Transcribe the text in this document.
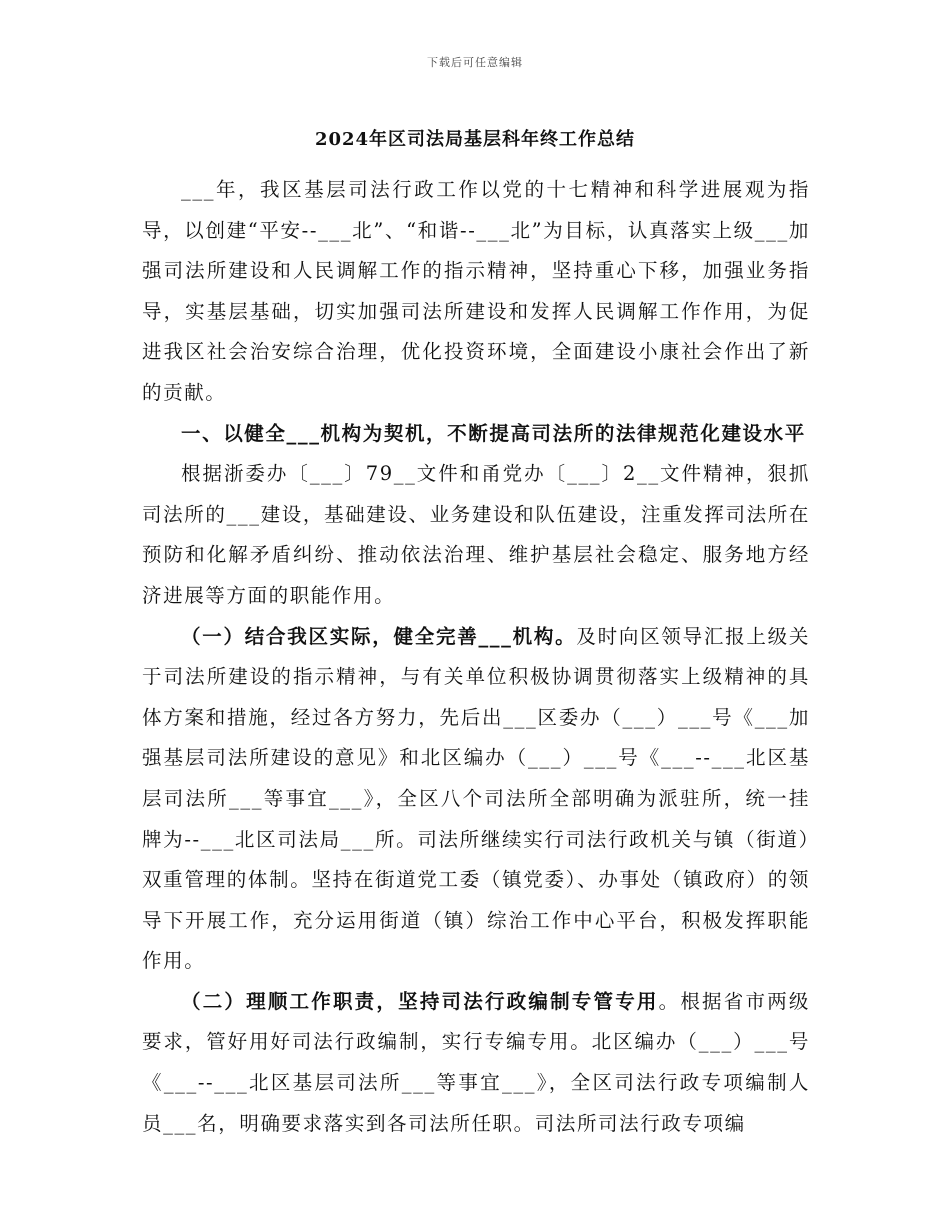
下载后可任意编辑
2024年区司法局基层科年终工作总结

___年，我区基层司法行政工作以党的十七精神和科学进展观为指导，以创建“平安--___北”、“和谐--___北”为目标，认真落实上级___加强司法所建设和人民调解工作的指示精神，坚持重心下移，加强业务指导，实基层基础，切实加强司法所建设和发挥人民调解工作作用，为促进我区社会治安综合治理，优化投资环境，全面建设小康社会作出了新的贡献。

一、以健全___机构为契机，不断提高司法所的法律规范化建设水平

根据浙委办〔___〕79__文件和甬党办〔___〕2__文件精神，狠抓司法所的___建设，基础建设、业务建设和队伍建设，注重发挥司法所在预防和化解矛盾纠纷、推动依法治理、维护基层社会稳定、服务地方经济进展等方面的职能作用。

（一）结合我区实际，健全完善___机构。及时向区领导汇报上级关于司法所建设的指示精神，与有关单位积极协调贯彻落实上级精神的具体方案和措施，经过各方努力，先后出___区委办（___）___号《___加强基层司法所建设的意见》和北区编办（___）___号《___--___北区基层司法所___等事宜___》，全区八个司法所全部明确为派驻所，统一挂牌为--___北区司法局___所。司法所继续实行司法行政机关与镇（街道）双重管理的体制。坚持在街道党工委（镇党委）、办事处（镇政府）的领导下开展工作，充分运用街道（镇）综治工作中心平台，积极发挥职能作用。

（二）理顺工作职责，坚持司法行政编制专管专用。根据省市两级要求，管好用好司法行政编制，实行专编专用。北区编办（___）___号《___--___北区基层司法所___等事宜___》，全区司法行政专项编制人员___名，明确要求落实到各司法所任职。司法所司法行政专项编
